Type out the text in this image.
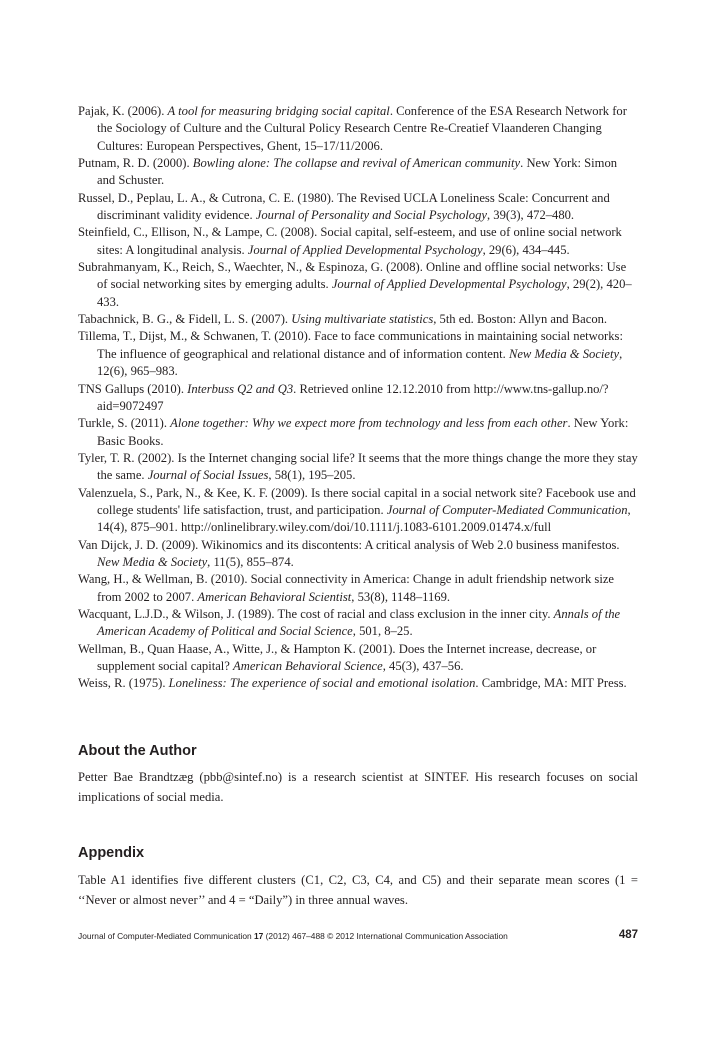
Pajak, K. (2006). A tool for measuring bridging social capital. Conference of the ESA Research Network for the Sociology of Culture and the Cultural Policy Research Centre Re-Creatief Vlaanderen Changing Cultures: European Perspectives, Ghent, 15–17/11/2006.

Putnam, R. D. (2000). Bowling alone: The collapse and revival of American community. New York: Simon and Schuster.

Russel, D., Peplau, L. A., & Cutrona, C. E. (1980). The Revised UCLA Loneliness Scale: Concurrent and discriminant validity evidence. Journal of Personality and Social Psychology, 39(3), 472–480.

Steinfield, C., Ellison, N., & Lampe, C. (2008). Social capital, self-esteem, and use of online social network sites: A longitudinal analysis. Journal of Applied Developmental Psychology, 29(6), 434–445.

Subrahmanyam, K., Reich, S., Waechter, N., & Espinoza, G. (2008). Online and offline social networks: Use of social networking sites by emerging adults. Journal of Applied Developmental Psychology, 29(2), 420–433.

Tabachnick, B. G., & Fidell, L. S. (2007). Using multivariate statistics, 5th ed. Boston: Allyn and Bacon.

Tillema, T., Dijst, M., & Schwanen, T. (2010). Face to face communications in maintaining social networks: The influence of geographical and relational distance and of information content. New Media & Society, 12(6), 965–983.

TNS Gallups (2010). Interbuss Q2 and Q3. Retrieved online 12.12.2010 from http://www.tns-gallup.no/?aid=9072497

Turkle, S. (2011). Alone together: Why we expect more from technology and less from each other. New York: Basic Books.

Tyler, T. R. (2002). Is the Internet changing social life? It seems that the more things change the more they stay the same. Journal of Social Issues, 58(1), 195–205.

Valenzuela, S., Park, N., & Kee, K. F. (2009). Is there social capital in a social network site? Facebook use and college students' life satisfaction, trust, and participation. Journal of Computer-Mediated Communication, 14(4), 875–901. http://onlinelibrary.wiley.com/doi/10.1111/j.1083-6101.2009.01474.x/full

Van Dijck, J. D. (2009). Wikinomics and its discontents: A critical analysis of Web 2.0 business manifestos. New Media & Society, 11(5), 855–874.

Wang, H., & Wellman, B. (2010). Social connectivity in America: Change in adult friendship network size from 2002 to 2007. American Behavioral Scientist, 53(8), 1148–1169.

Wacquant, L.J.D., & Wilson, J. (1989). The cost of racial and class exclusion in the inner city. Annals of the American Academy of Political and Social Science, 501, 8–25.

Wellman, B., Quan Haase, A., Witte, J., & Hampton K. (2001). Does the Internet increase, decrease, or supplement social capital? American Behavioral Science, 45(3), 437–56.

Weiss, R. (1975). Loneliness: The experience of social and emotional isolation. Cambridge, MA: MIT Press.

About the Author

Petter Bae Brandtzæg (pbb@sintef.no) is a research scientist at SINTEF. His research focuses on social implications of social media.

Appendix

Table A1 identifies five different clusters (C1, C2, C3, C4, and C5) and their separate mean scores (1 = ‘‘Never or almost never’’ and 4 = “Daily”) in three annual waves.

Journal of Computer-Mediated Communication 17 (2012) 467–488 © 2012 International Communication Association	487
